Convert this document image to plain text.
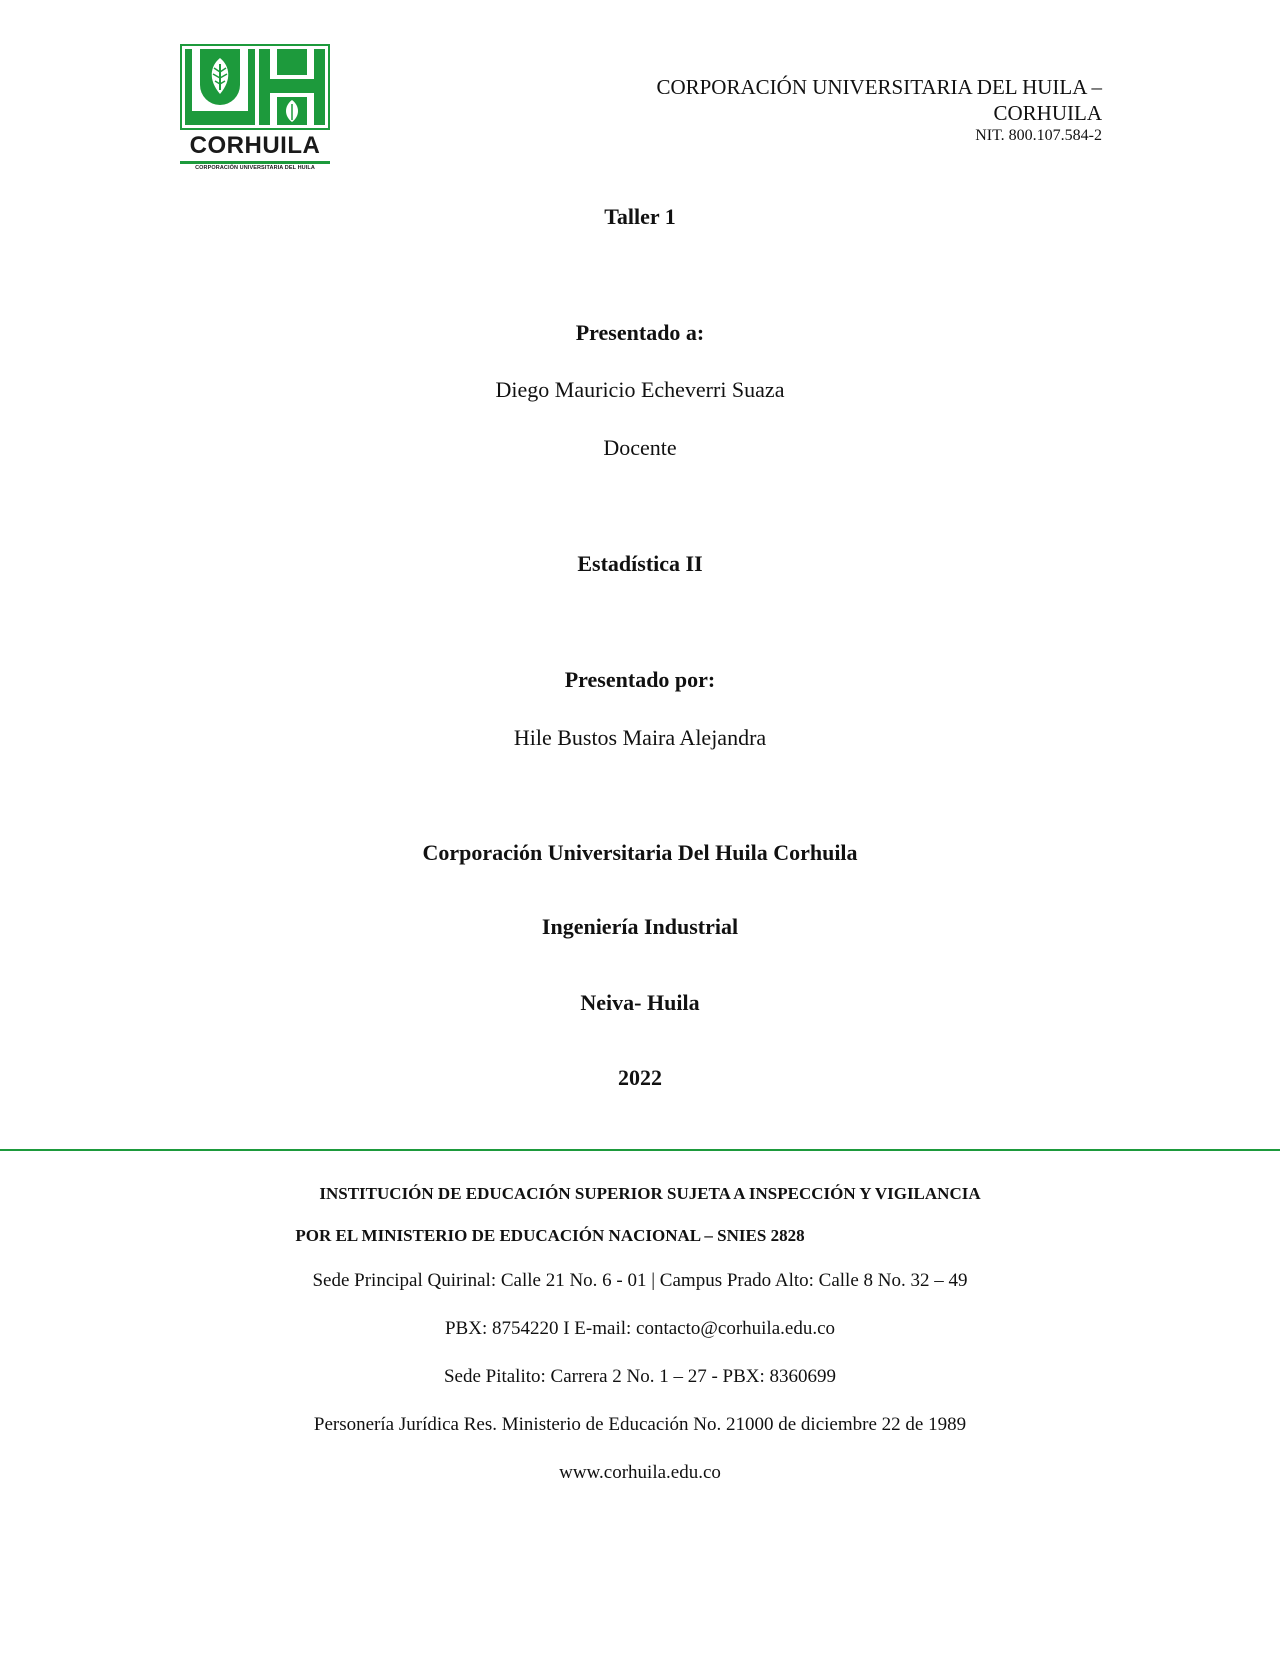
CORHUILA
CORPORACIÓN UNIVERSITARIA DEL HUILA
CORPORACIÓN UNIVERSITARIA DEL HUILA –
CORHUILA
NIT. 800.107.584-2
Taller 1
Presentado a:
Diego Mauricio Echeverri Suaza
Docente
Estadística II
Presentado por:
Hile Bustos Maira Alejandra
Corporación Universitaria Del Huila Corhuila
Ingeniería Industrial
Neiva- Huila
2022
INSTITUCIÓN DE EDUCACIÓN SUPERIOR SUJETA A INSPECCIÓN Y VIGILANCIA
POR EL MINISTERIO DE EDUCACIÓN NACIONAL – SNIES 2828
Sede Principal Quirinal: Calle 21 No. 6 - 01 | Campus Prado Alto: Calle 8 No. 32 – 49
PBX: 8754220 I E-mail: contacto@corhuila.edu.co
Sede Pitalito: Carrera 2 No. 1 – 27 - PBX: 8360699
Personería Jurídica Res. Ministerio de Educación No. 21000 de diciembre 22 de 1989
www.corhuila.edu.co
